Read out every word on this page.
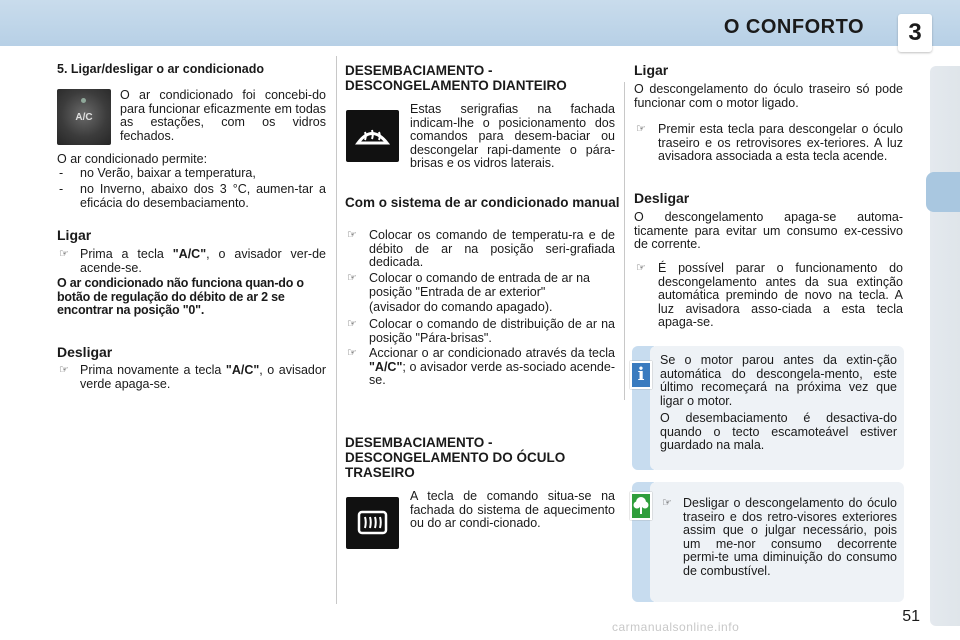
O CONFORTO	3
5. Ligar/desligar o ar condicionado
A/C
O ar condicionado foi concebi-do para funcionar eficazmente em todas as estações, com os vidros fechados.
O ar condicionado permite:
- no Verão, baixar a temperatura,
- no Inverno, abaixo dos 3 °C, aumen-tar a eficácia do desembaciamento.
Ligar
☞ Prima a tecla "A/C", o avisador ver-de acende-se.
O ar condicionado não funciona quan-do o botão de regulação do débito de ar 2 se encontrar na posição "0".
Desligar
☞ Prima novamente a tecla "A/C", o avisador verde apaga-se.
DESEMBACIAMENTO - DESCONGELAMENTO DIANTEIRO
Estas serigrafias na fachada indicam-lhe o posicionamento dos comandos para desem-baciar ou descongelar rapi-damente o pára-brisas e os vidros laterais.
Com o sistema de ar condicionado manual
☞ Colocar os comando de temperatu-ra e de débito de ar na posição seri-grafiada dedicada.
☞ Colocar o comando de entrada de ar na posição "Entrada de ar exterior"
(avisador do comando apagado).
☞ Colocar o comando de distribuição de ar na posição "Pára-brisas".
☞ Accionar o ar condicionado através da tecla "A/C"; o avisador verde as-sociado acende-se.
DESEMBACIAMENTO - DESCONGELAMENTO DO ÓCULO TRASEIRO
A tecla de comando situa-se na fachada do sistema de aquecimento ou do ar condi-cionado.
Ligar
O descongelamento do óculo traseiro só pode funcionar com o motor ligado.
☞ Premir esta tecla para descongelar o óculo traseiro e os retrovisores ex-teriores. A luz avisadora associada a esta tecla acende.
Desligar
O descongelamento apaga-se automa-ticamente para evitar um consumo ex-cessivo de corrente.
☞ É possível parar o funcionamento do descongelamento antes da sua extinção automática premindo de novo na tecla. A luz avisadora asso-ciada a esta tecla apaga-se.
i
Se o motor parou antes da extin-ção automática do descongela-mento, este último recomeçará na próxima vez que ligar o motor.
O desembaciamento é desactiva-do quando o tecto escamoteável estiver guardado na mala.
☞ Desligar o descongelamento do óculo traseiro e dos retro-visores exteriores assim que o julgar necessário, pois um me-nor consumo decorrente permi-te uma diminuição do consumo de combustível.
51
carmanualsonline.info
